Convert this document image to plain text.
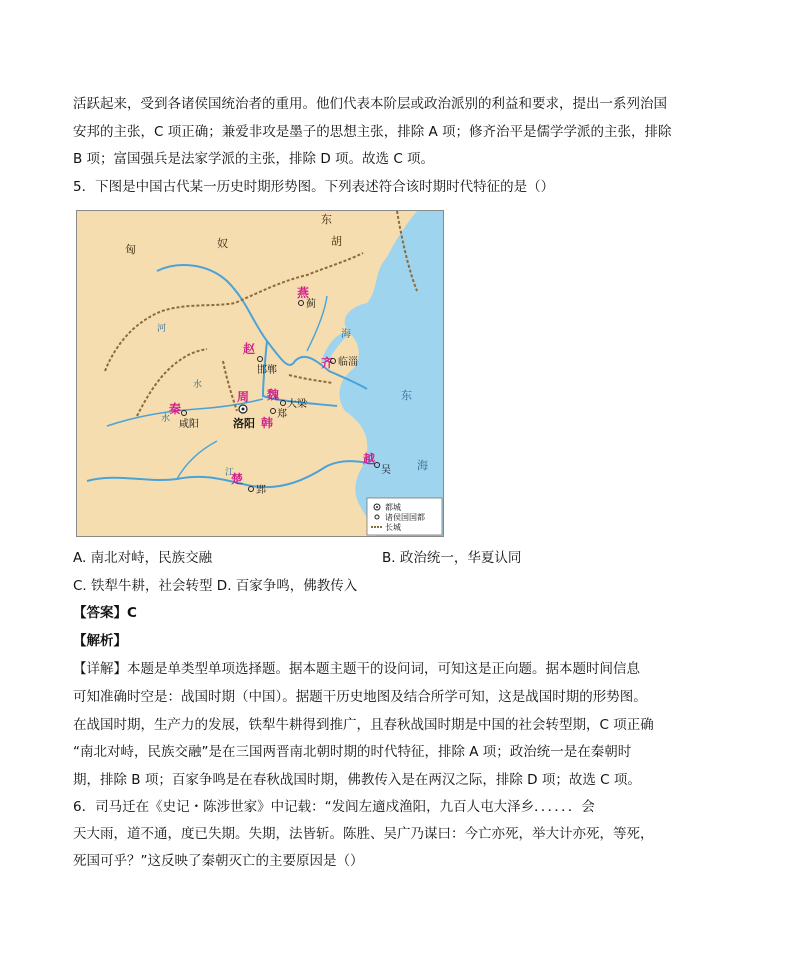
活跃起来，受到各诸侯国统治者的重用。他们代表本阶层或政治派别的利益和要求，提出一系列治国
安邦的主张，C 项正确；兼爱非攻是墨子的思想主张，排除 A 项；修齐治平是儒学学派的主张，排除
B 项；富国强兵是法家学派的主张，排除 D 项。故选 C 项。
5．下图是中国古代某一历史时期形势图。下列表述符合该时期时代特征的是（）
匈	奴
东
胡
海
东
海
河
水
江
水
燕
赵
齐
周 魏
韩
秦
楚
越
蓟
邯郸
临淄
大梁
郑
洛阳
咸阳
郢
吴
都城
诸侯国国都
长城
A. 南北对峙，民族交融	B. 政治统一，华夏认同
C. 铁犁牛耕，社会转型 D. 百家争鸣，佛教传入
【答案】C
【解析】
【详解】本题是单类型单项选择题。据本题主题干的设问词，可知这是正向题。据本题时间信息
可知准确时空是：战国时期（中国）。据题干历史地图及结合所学可知，这是战国时期的形势图。
在战国时期，生产力的发展，铁犁牛耕得到推广，且春秋战国时期是中国的社会转型期，C 项正确
“南北对峙，民族交融”是在三国两晋南北朝时期的时代特征，排除 A 项；政治统一是在秦朝时
期，排除 B 项；百家争鸣是在春秋战国时期，佛教传入是在两汉之际，排除 D 项；故选 C 项。
6．司马迁在《史记・陈涉世家》中记载：“发闾左適戍渔阳，九百人屯大泽乡．．．．．．会
天大雨，道不通，度已失期。失期，法皆斩。陈胜、吴广乃谋曰：今亡亦死，举大计亦死，等死，
死国可乎？”这反映了秦朝灭亡的主要原因是（）
